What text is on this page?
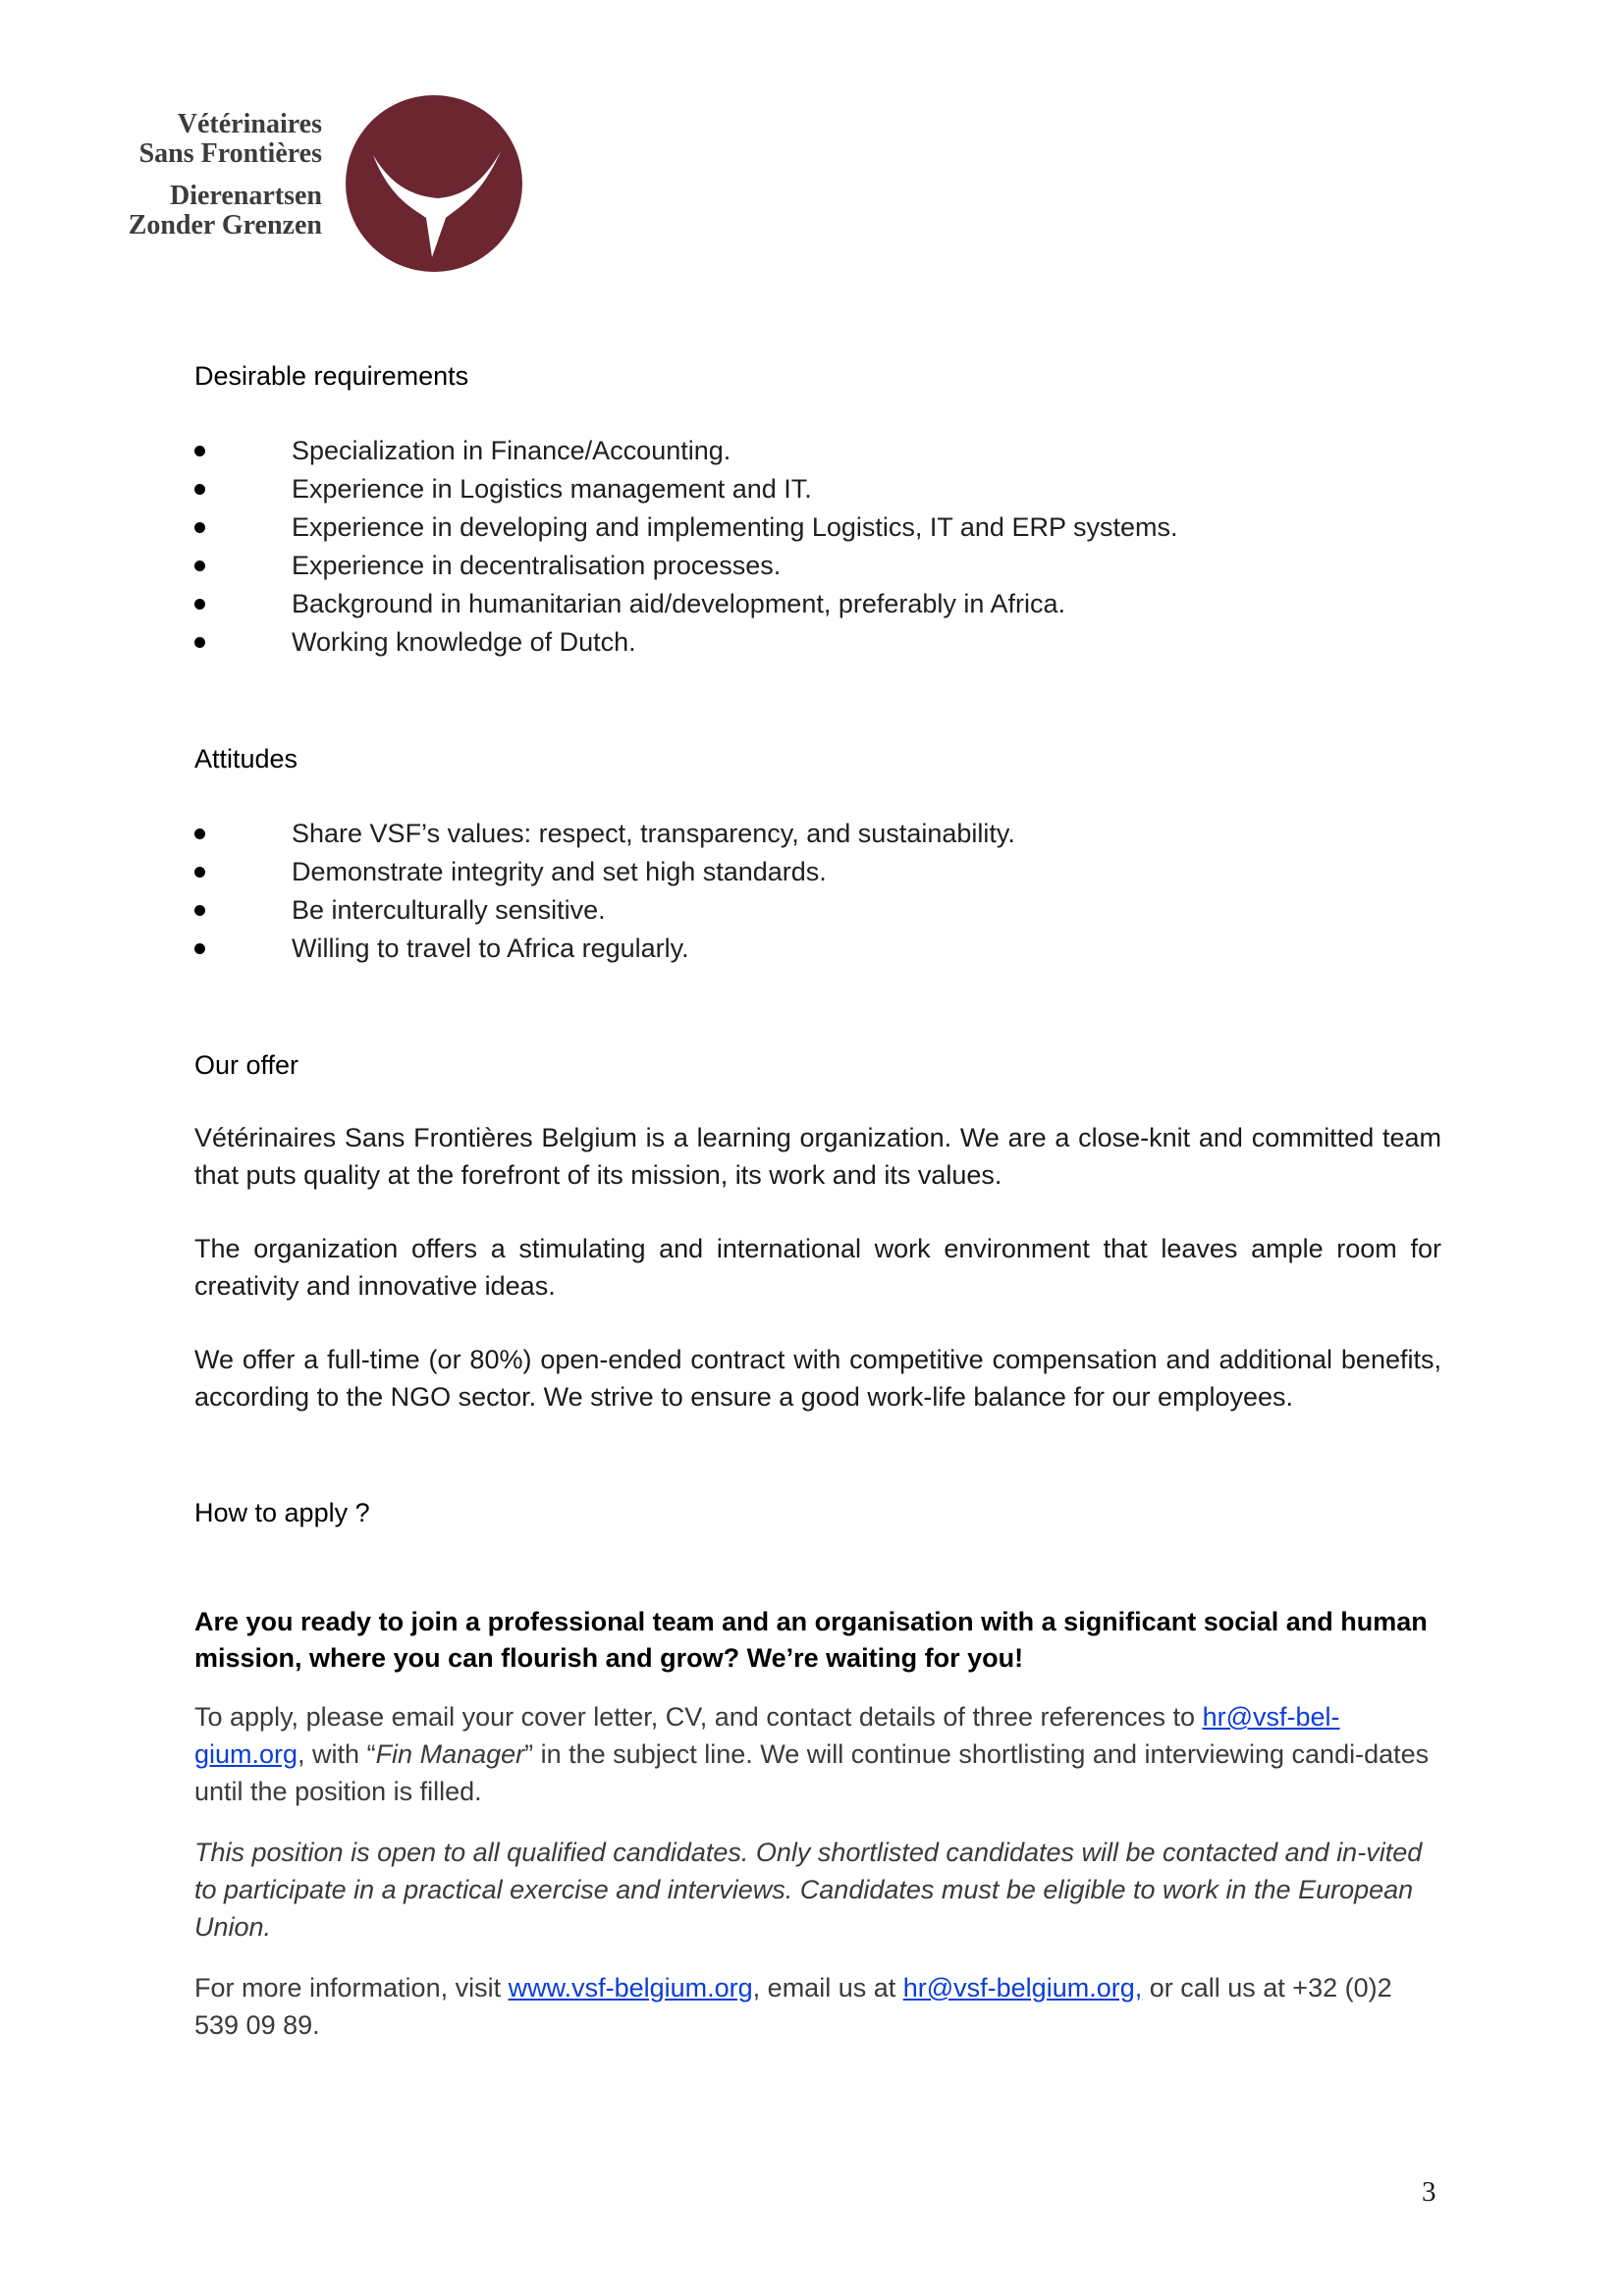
Vétérinaires
Sans Frontières
Dierenartsen
Zonder Grenzen
Desirable requirements
Specialization in Finance/Accounting.
Experience in Logistics management and IT.
Experience in developing and implementing Logistics, IT and ERP systems.
Experience in decentralisation processes.
Background in humanitarian aid/development, preferably in Africa.
Working knowledge of Dutch.
Attitudes
Share VSF’s values: respect, transparency, and sustainability.
Demonstrate integrity and set high standards.
Be interculturally sensitive.
Willing to travel to Africa regularly.
Our offer

Vétérinaires Sans Frontières Belgium is a learning organization. We are a close-knit and committed team that puts quality at the forefront of its mission, its work and its values.

The organization offers a stimulating and international work environment that leaves ample room for creativity and innovative ideas.

We offer a full-time (or 80%) open-ended contract with competitive compensation and additional benefits, according to the NGO sector. We strive to ensure a good work-life balance for our employees.

How to apply ?

Are you ready to join a professional team and an organisation with a significant social and human mission, where you can flourish and grow? We’re waiting for you!

To apply, please email your cover letter, CV, and contact details of three references to hr@vsf-bel-
gium.org, with “Fin Manager” in the subject line. We will continue shortlisting and interviewing candi-dates until the position is filled.

This position is open to all qualified candidates. Only shortlisted candidates will be contacted and in-vited to participate in a practical exercise and interviews. Candidates must be eligible to work in the European Union.

For more information, visit www.vsf-belgium.org, email us at hr@vsf-belgium.org, or call us at +32 (0)2 539 09 89.

3
